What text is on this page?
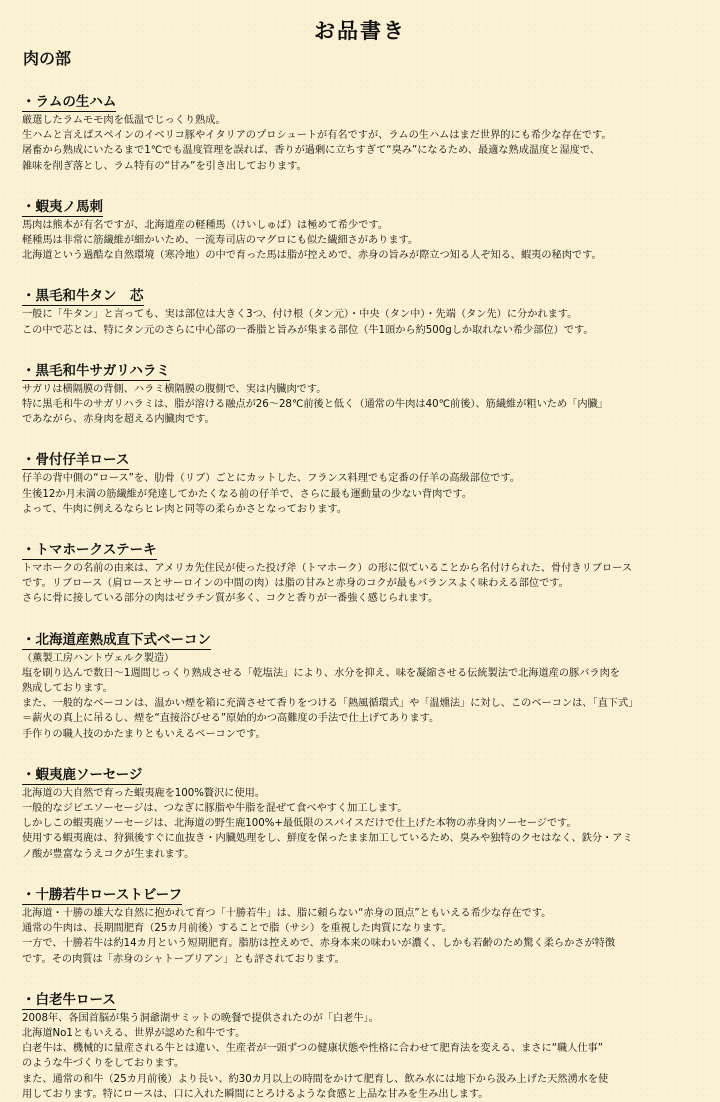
お品書き
肉の部
・ラムの生ハム
厳選したラムモモ肉を低温でじっくり熟成。
生ハムと言えばスペインのイベリコ豚やイタリアのプロシュートが有名ですが、ラムの生ハムはまだ世界的にも希少な存在です。
屠畜から熟成にいたるまで1℃でも温度管理を誤れば、香りが過剰に立ちすぎて“臭み”になるため、最適な熟成温度と湿度で、
雑味を削ぎ落とし、ラム特有の“甘み”を引き出しております。
・蝦夷ノ馬刺
馬肉は熊本が有名ですが、北海道産の軽種馬（けいしゅば）は極めて希少です。
軽種馬は非常に筋繊維が細かいため、一流寿司店のマグロにも似た繊細さがあります。
北海道という過酷な自然環境（寒冷地）の中で育った馬は脂が控えめで、赤身の旨みが際立つ知る人ぞ知る、蝦夷の秘肉です。
・黒毛和牛タン　芯
一般に「牛タン」と言っても、実は部位は大きく3つ、付け根（タン元）・中央（タン中）・先端（タン先）に分かれます。
この中で芯とは、特にタン元のさらに中心部の一番脂と旨みが集まる部位（牛1頭から約500gしか取れない希少部位）です。
・黒毛和牛サガリハラミ
サガリは横隔膜の背側、ハラミ横隔膜の腹側で、実は内臓肉です。
特に黒毛和牛のサガリハラミは、脂が溶ける融点が26～28℃前後と低く（通常の牛肉は40℃前後）、筋繊維が粗いため「内臓」
であながら、赤身肉を超える内臓肉です。
・骨付仔羊ロース
仔羊の背中側の“ロース”を、肋骨（リブ）ごとにカットした、フランス料理でも定番の仔羊の高級部位です。
生後12か月未満の筋繊維が発達してかたくなる前の仔羊で、さらに最も運動量の少ない背肉です。
よって、牛肉に例えるならヒレ肉と同等の柔らかさとなっております。
・トマホークステーキ
トマホークの名前の由来は、アメリカ先住民が使った投げ斧（トマホーク）の形に似ていることから名付けられた、骨付きリブロース
です。リブロース（肩ロースとサーロインの中間の肉）は脂の甘みと赤身のコクが最もバランスよく味わえる部位です。
さらに骨に接している部分の肉はゼラチン質が多く、コクと香りが一番強く感じられます。
・北海道産熟成直下式ベーコン
（薫製工房ハントヴェルク製造）
塩を刷り込んで数日～1週間じっくり熟成させる「乾塩法」により、水分を抑え、味を凝縮させる伝統製法で北海道産の豚バラ肉を
熟成しております。
また、一般的なベーコンは、温かい煙を箱に充満させて香りをつける「熱風循環式」や「温燻法」に対し、このベーコンは、「直下式」
＝薪火の真上に吊るし、煙を“直接浴びせる”原始的かつ高難度の手法で仕上げてあります。
手作りの職人技のかたまりともいえるベーコンです。
・蝦夷鹿ソーセージ
北海道の大自然で育った蝦夷鹿を100%贅沢に使用。
一般的なジビエソーセージは、つなぎに豚脂や牛脂を混ぜて食べやすく加工します。
しかしこの蝦夷鹿ソーセージは、北海道の野生鹿100%+最低限のスパイスだけで仕上げた本物の赤身肉ソーセージです。
使用する蝦夷鹿は、狩猟後すぐに血抜き・内臓処理をし、鮮度を保ったまま加工しているため、臭みや独特のクセはなく、鉄分・アミ
ノ酸が豊富なうえコクが生まれます。
・十勝若牛ローストビーフ
北海道・十勝の雄大な自然に抱かれて育つ「十勝若牛」は、脂に頼らない“赤身の頂点”ともいえる希少な存在です。
通常の牛肉は、長期間肥育（25カ月前後）することで脂（サシ）を重視した肉質になります。
一方で、十勝若牛は約14カ月という短期肥育。脂肪は控えめで、赤身本来の味わいが濃く、しかも若齢のため驚く柔らかさが特徴
です。その肉質は「赤身のシャトーブリアン」とも評されております。
・白老牛ロース
2008年、各国首脳が集う洞爺湖サミットの晩餐で提供されたのが「白老牛」。
北海道No1ともいえる、世界が認めた和牛です。
白老牛は、機械的に量産される牛とは違い、生産者が一頭ずつの健康状態や性格に合わせて肥育法を変える、まさに“職人仕事”
のような牛づくりをしております。
また、通常の和牛（25カ月前後）より長い、約30カ月以上の時間をかけて肥育し、飲み水には地下から汲み上げた天然湧水を使
用しております。特にロースは、口に入れた瞬間にとろけるような食感と上品な甘みを生み出します。
